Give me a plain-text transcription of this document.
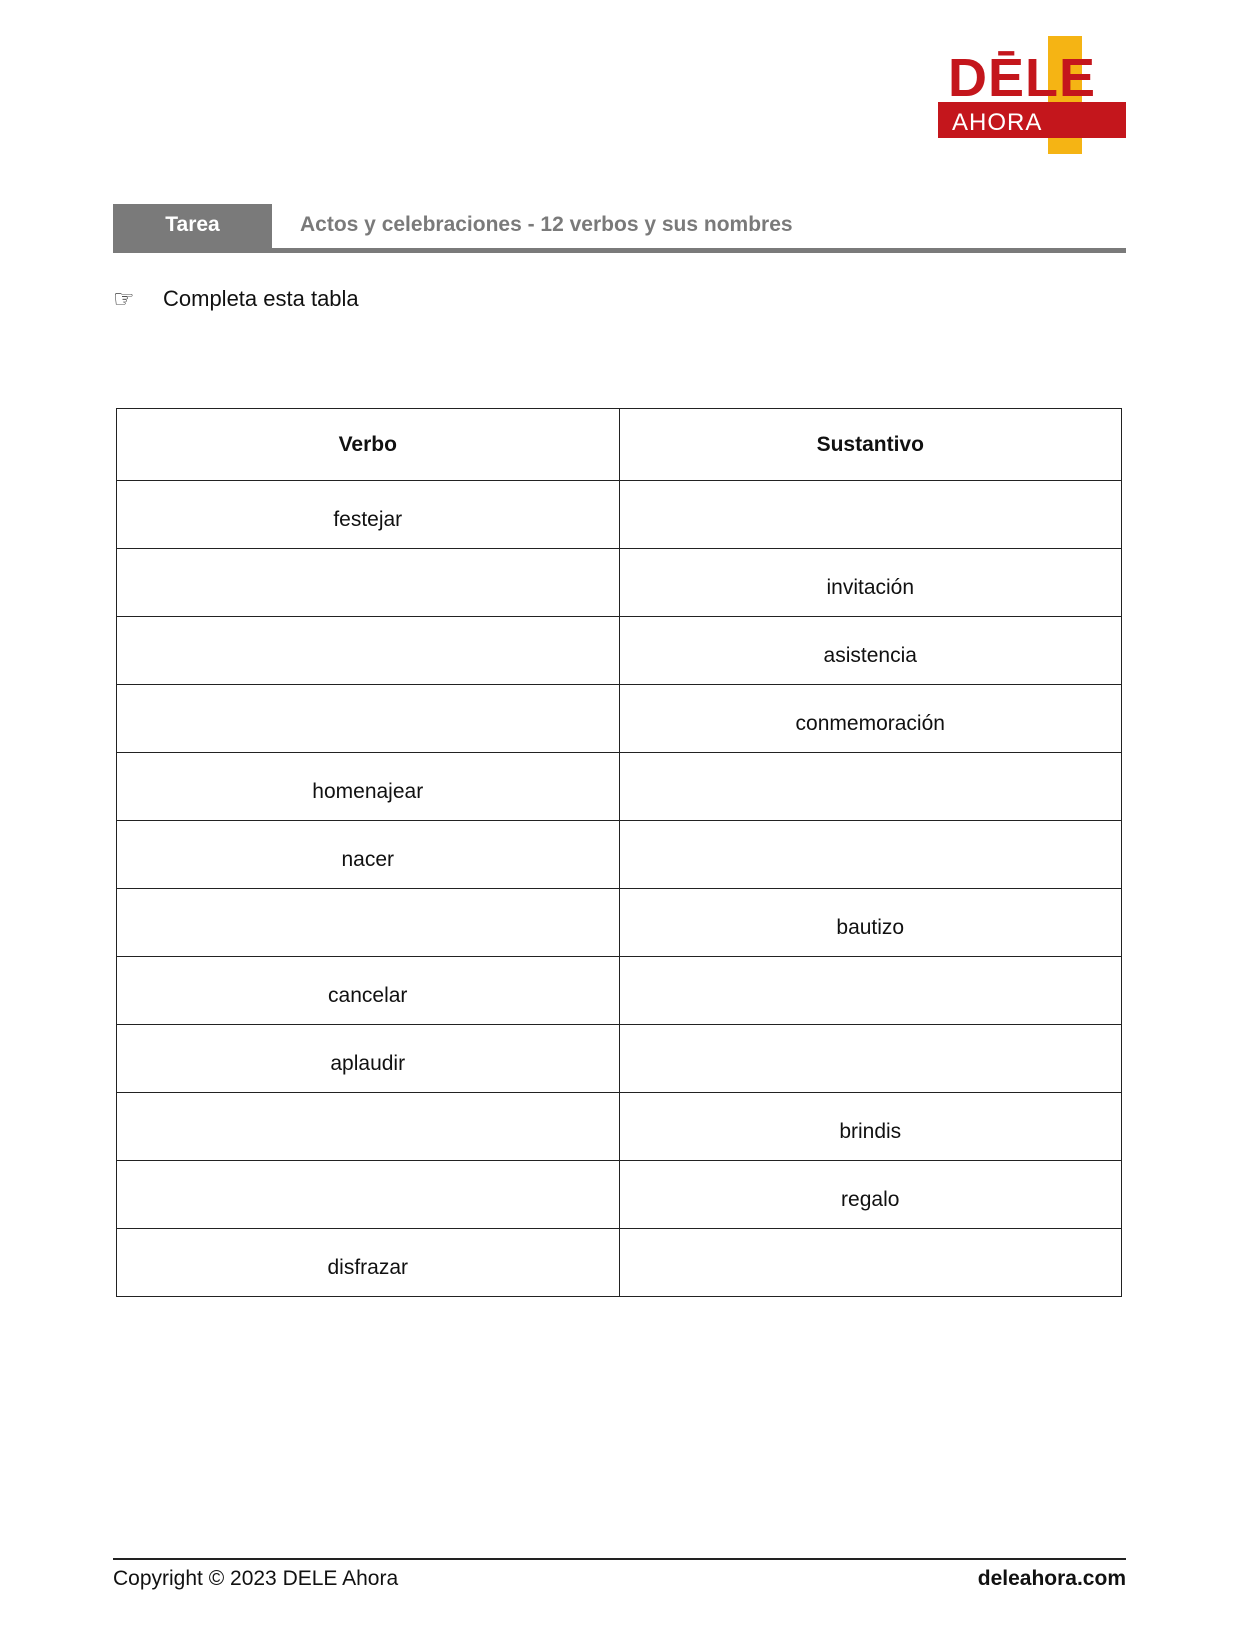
DĒLE
AHORA
Tarea	Actos y celebraciones - 12 verbos y sus nombres
☞	Completa esta tabla
Verbo	Sustantivo
festejar	
	invitación
	asistencia
	conmemoración
homenajear	
nacer	
	bautizo
cancelar	
aplaudir	
	brindis
	regalo
disfrazar	
Copyright © 2023 DELE Ahora	deleahora.com
